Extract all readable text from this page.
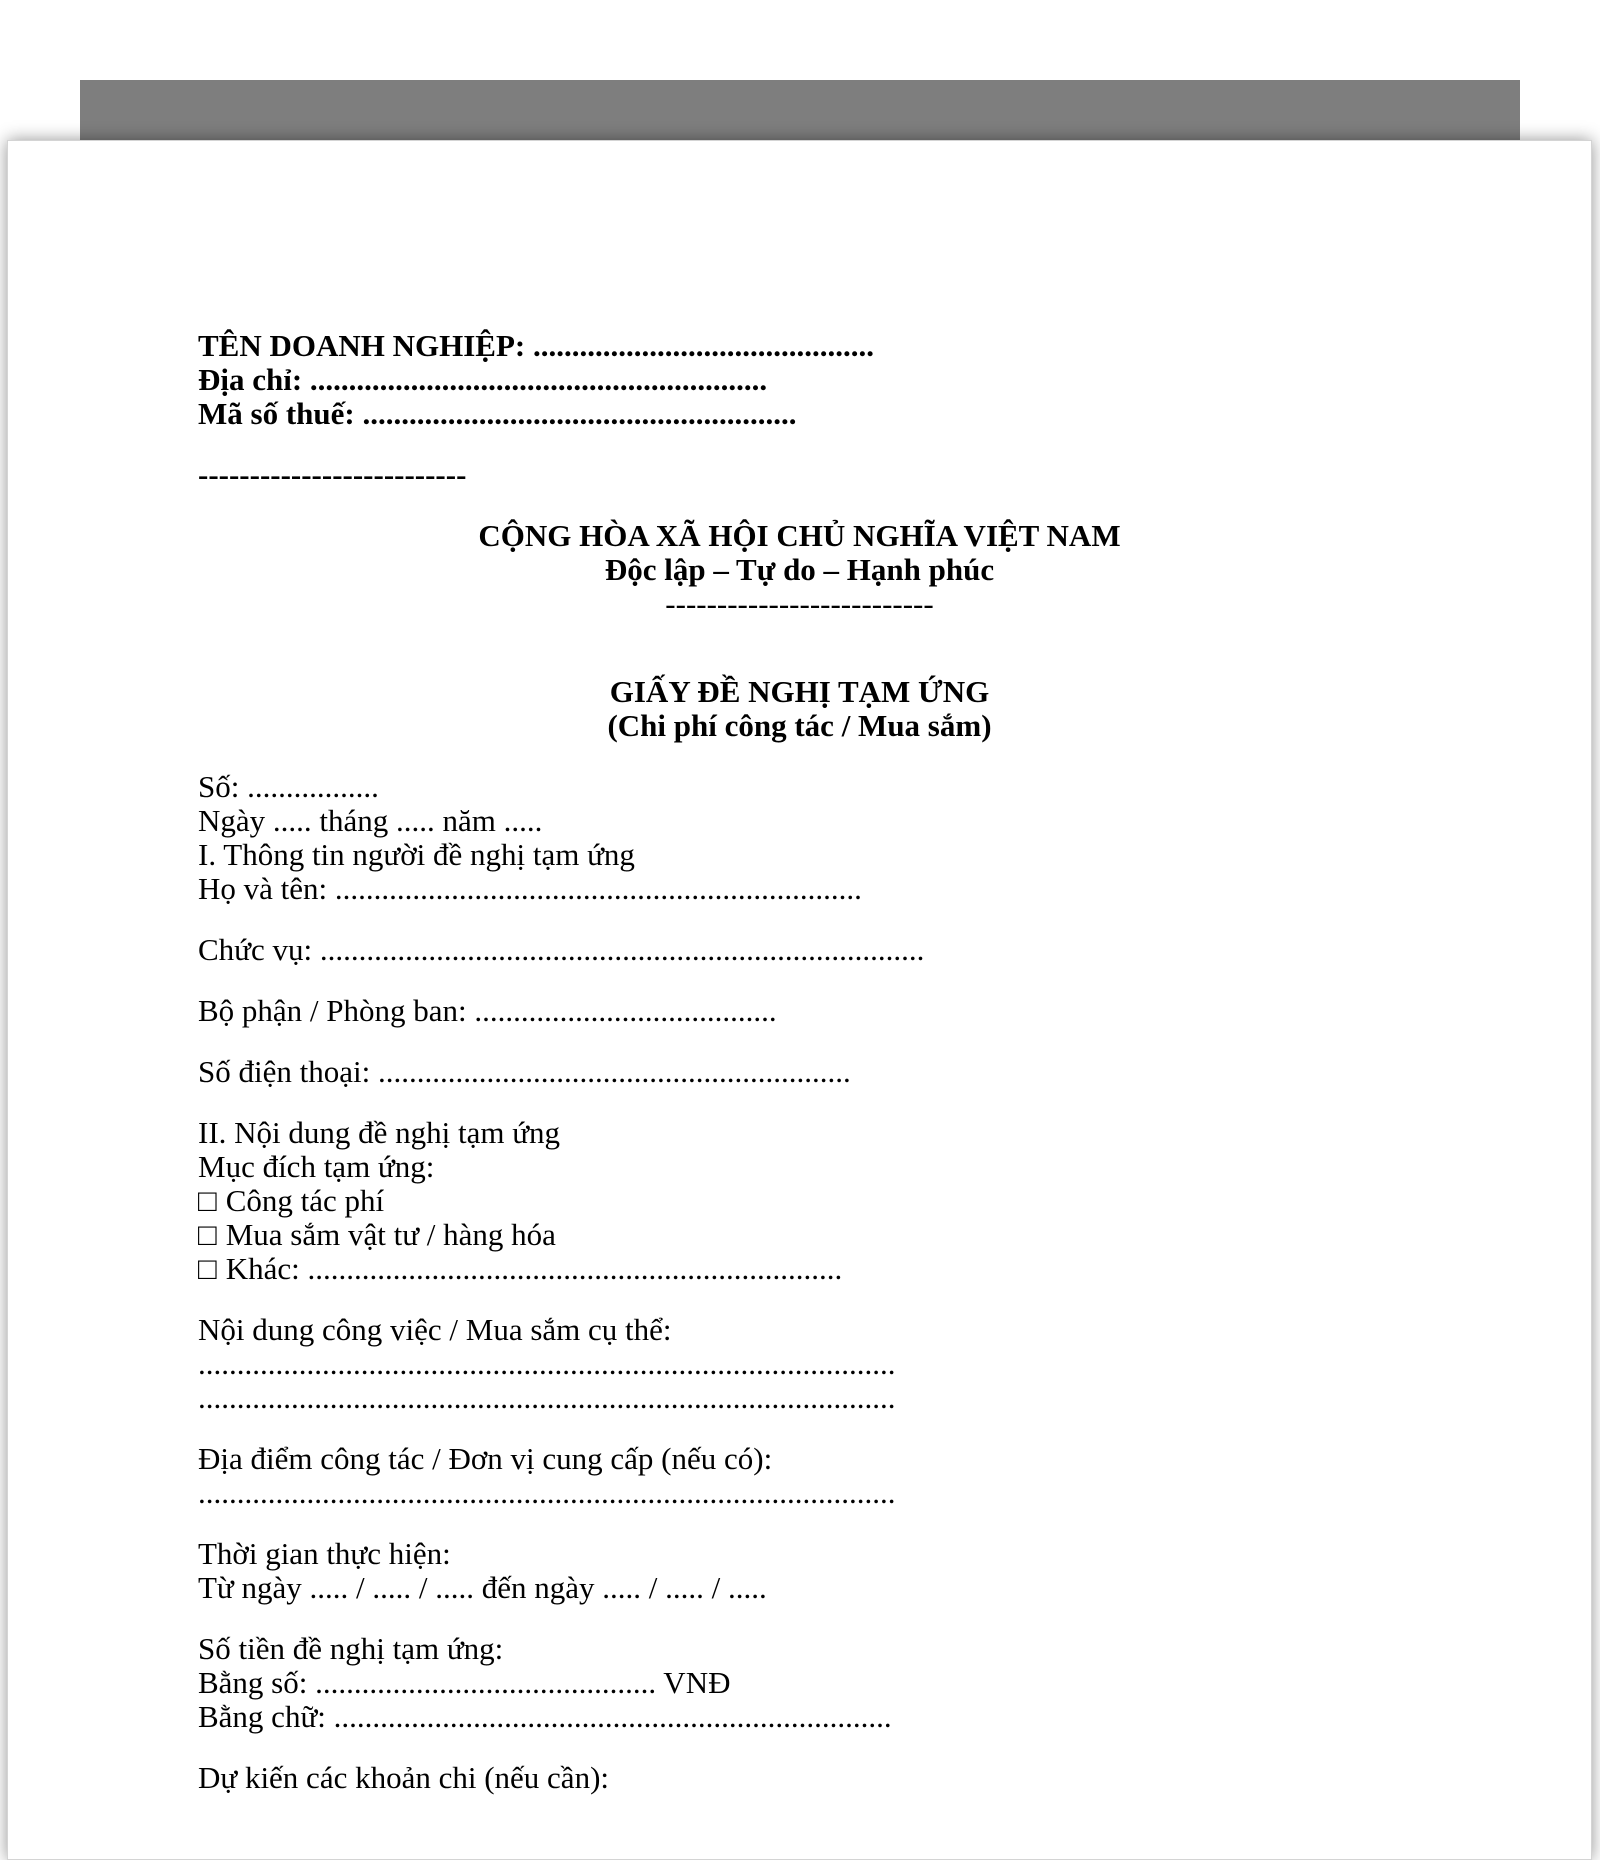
TÊN DOANH NGHIỆP: ............................................
Địa chỉ: ...........................................................
Mã số thuế: ........................................................
--------------------------
CỘNG HÒA XÃ HỘI CHỦ NGHĨA VIỆT NAM
Độc lập – Tự do – Hạnh phúc
--------------------------
GIẤY ĐỀ NGHỊ TẠM ỨNG
(Chi phí công tác / Mua sắm)
Số: .................
Ngày ..... tháng ..... năm .....
I. Thông tin người đề nghị tạm ứng
Họ và tên: ....................................................................
Chức vụ: ..............................................................................
Bộ phận / Phòng ban: .......................................
Số điện thoại: .............................................................
II. Nội dung đề nghị tạm ứng
Mục đích tạm ứng:
□ Công tác phí
□ Mua sắm vật tư / hàng hóa
□ Khác: .....................................................................
Nội dung công việc / Mua sắm cụ thể:
..........................................................................................
..........................................................................................
Địa điểm công tác / Đơn vị cung cấp (nếu có):
..........................................................................................
Thời gian thực hiện:
Từ ngày ..... / ..... / ..... đến ngày ..... / ..... / .....
Số tiền đề nghị tạm ứng:
Bằng số: ............................................ VNĐ
Bằng chữ: ........................................................................
Dự kiến các khoản chi (nếu cần):
